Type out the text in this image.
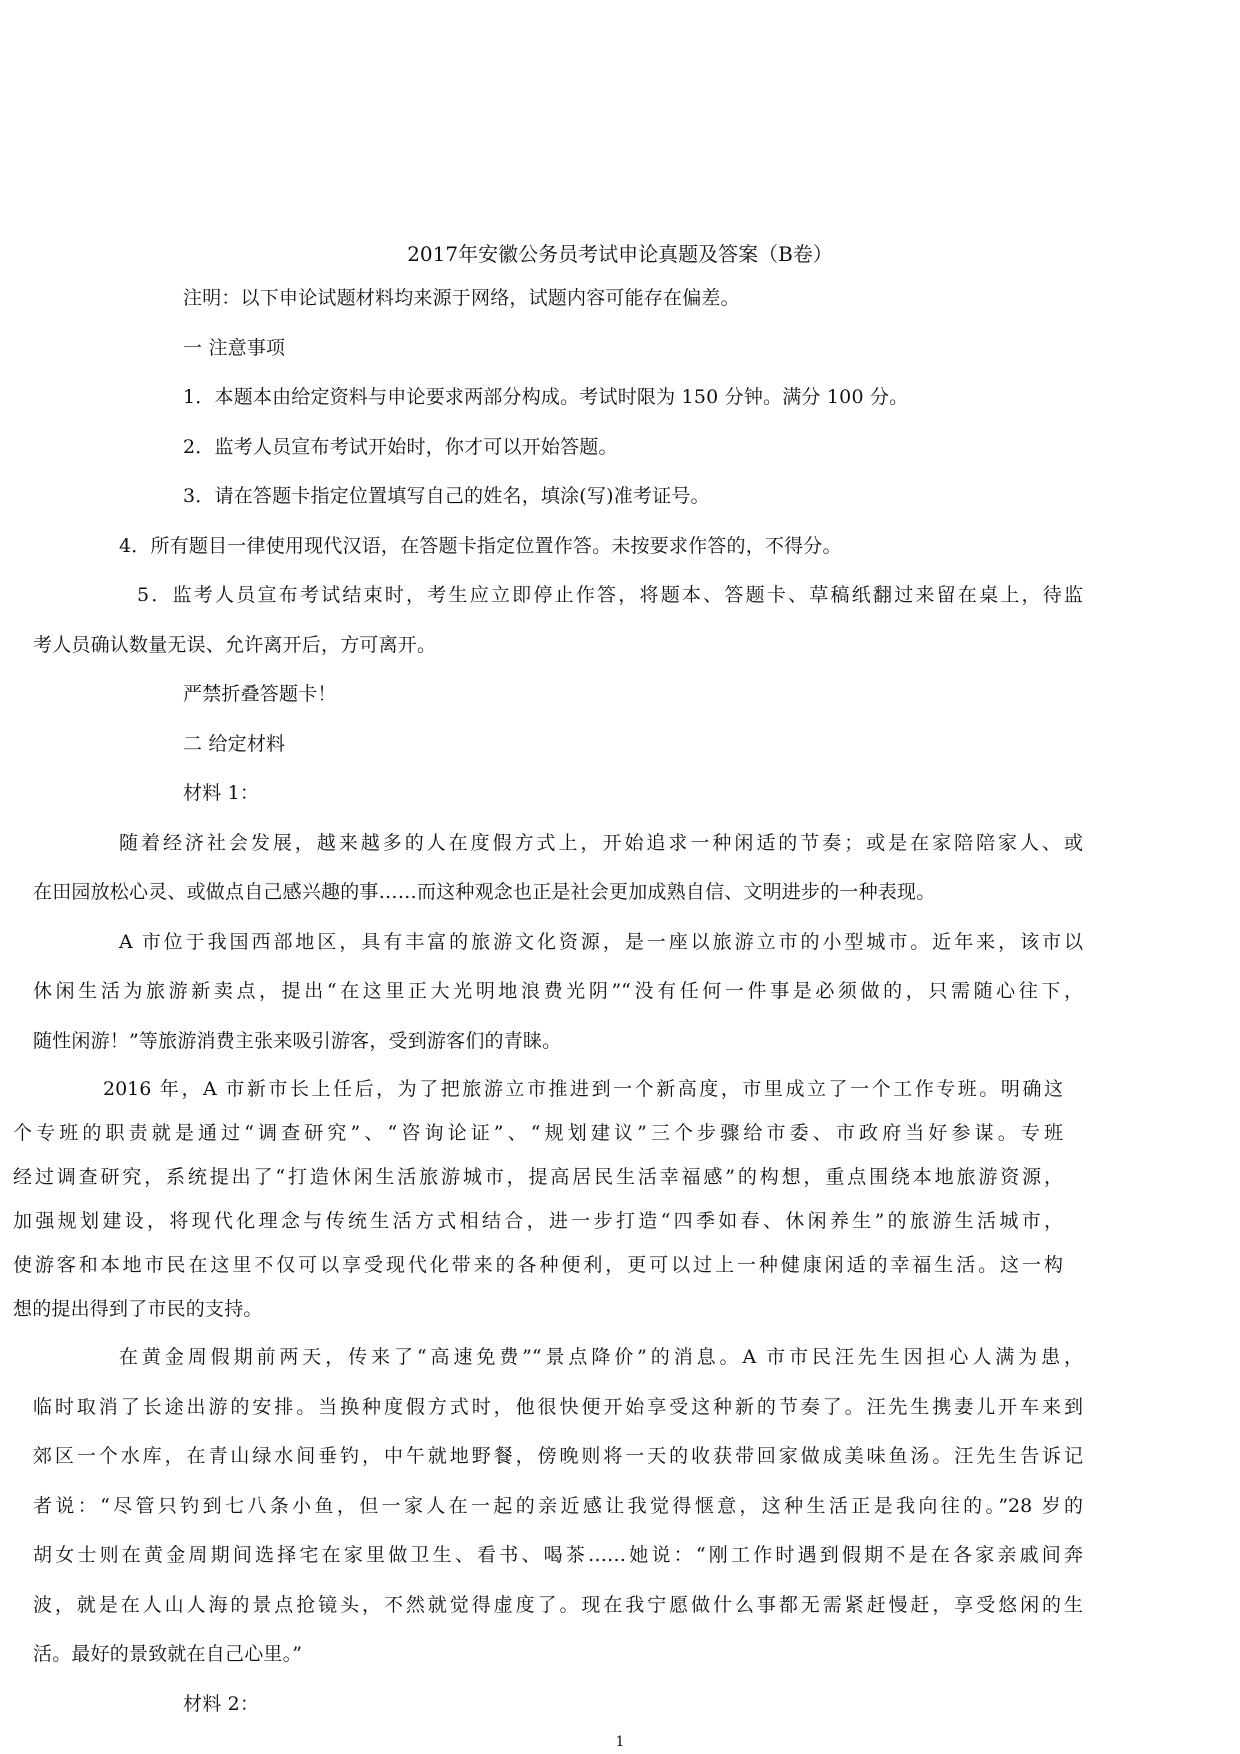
2017年安徽公务员考试申论真题及答案（B卷）
注明：以下申论试题材料均来源于网络，试题内容可能存在偏差。
一 注意事项
1．本题本由给定资料与申论要求两部分构成。考试时限为 150 分钟。满分 100 分。
2．监考人员宣布考试开始时，你才可以开始答题。
3．请在答题卡指定位置填写自己的姓名，填涂(写)准考证号。
4．所有题目一律使用现代汉语，在答题卡指定位置作答。未按要求作答的，不得分。
5．监考人员宣布考试结束时，考生应立即停止作答，将题本、答题卡、草稿纸翻过来留在桌上，待监
考人员确认数量无误、允许离开后，方可离开。
严禁折叠答题卡！
二 给定材料
材料 1：
随着经济社会发展，越来越多的人在度假方式上，开始追求一种闲适的节奏；或是在家陪陪家人、或
在田园放松心灵、或做点自己感兴趣的事……而这种观念也正是社会更加成熟自信、文明进步的一种表现。
A 市位于我国西部地区，具有丰富的旅游文化资源，是一座以旅游立市的小型城市。近年来，该市以
休闲生活为旅游新卖点，提出“在这里正大光明地浪费光阴”“没有任何一件事是必须做的，只需随心往下，
随性闲游！”等旅游消费主张来吸引游客，受到游客们的青睐。
2016 年，A 市新市长上任后，为了把旅游立市推进到一个新高度，市里成立了一个工作专班。明确这
个专班的职责就是通过“调查研究”、“咨询论证”、“规划建议”三个步骤给市委、市政府当好参谋。专班
经过调查研究，系统提出了“打造休闲生活旅游城市，提高居民生活幸福感”的构想，重点围绕本地旅游资源，
加强规划建设，将现代化理念与传统生活方式相结合，进一步打造“四季如春、休闲养生”的旅游生活城市，
使游客和本地市民在这里不仅可以享受现代化带来的各种便利，更可以过上一种健康闲适的幸福生活。这一构
想的提出得到了市民的支持。
在黄金周假期前两天，传来了“高速免费”“景点降价”的消息。A 市市民汪先生因担心人满为患，
临时取消了长途出游的安排。当换种度假方式时，他很快便开始享受这种新的节奏了。汪先生携妻儿开车来到
郊区一个水库，在青山绿水间垂钓，中午就地野餐，傍晚则将一天的收获带回家做成美味鱼汤。汪先生告诉记
者说：“尽管只钓到七八条小鱼，但一家人在一起的亲近感让我觉得惬意，这种生活正是我向往的。”28 岁的
胡女士则在黄金周期间选择宅在家里做卫生、看书、喝茶……她说：“刚工作时遇到假期不是在各家亲戚间奔
波，就是在人山人海的景点抢镜头，不然就觉得虚度了。现在我宁愿做什么事都无需紧赶慢赶，享受悠闲的生
活。最好的景致就在自己心里。”
材料 2：
1
